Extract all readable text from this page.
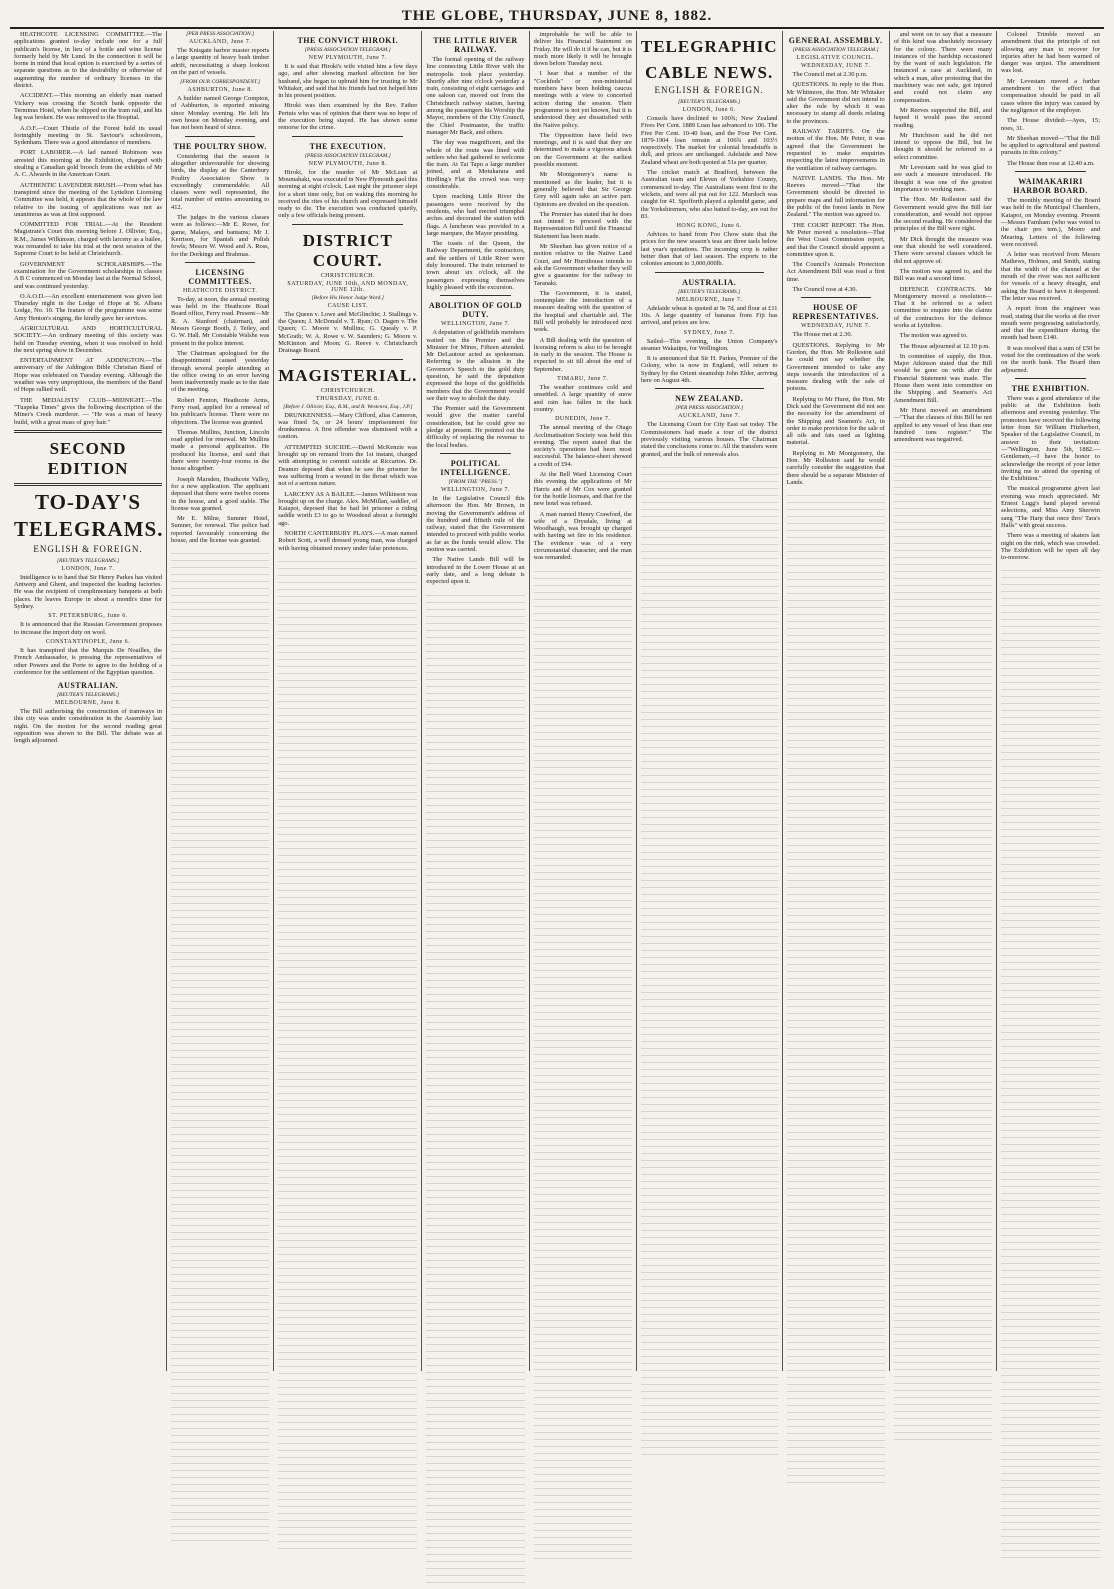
THE GLOBE, THURSDAY, JUNE 8, 1882.

HEATHCOTE LICENSING COMMITTEE.—The applications granted to-day include one for a full publican's license, in lieu of a bottle and wine license formerly held by Mr Lund. In the connection it will be borne in mind that local option is exercised by a series of separate questions as to the desirability or otherwise of augmenting the number of ordinary licenses in the district.

ACCIDENT.—This morning an elderly man named Vickery was crossing the Scotch bank opposite the Terminus Hotel, when he slipped on the tram rail, and his leg was broken. He was removed to the Hospital.

A.O.F.—Court Thistle of the Forest hold its usual fortnightly meeting in St. Saviour's schoolroom, Sydenham. There was a good attendance of members.

PORT LABORER.—A lad named Robinson was arrested this morning at the Exhibition, charged with stealing a Canadian gold brooch from the exhibits of Mr A. C. Alwards in the American Court.

AUTHENTIC LAVENDER BRUSH.—From what has transpired since the meeting of the Lyttelton Licensing Committee was held, it appears that the whole of the law relative to the issuing of applications was not as unanimous as was at first supposed.

COMMITTED FOR TRIAL.—At the Resident Magistrate's Court this morning before J. Ollivier, Esq., R.M., James Wilkinson, charged with larceny as a bailee, was remanded to take his trial at the next session of the Supreme Court to be held at Christchurch.

GOVERNMENT SCHOLARSHIPS.—The examination for the Government scholarships in classes A B C commenced on Monday last at the Normal School, and was continued yesterday.

O.A.O.D.—An excellent entertainment was given last Thursday night in the Lodge of Hope at St. Albans Lodge, No. 10. The feature of the programme was some Amy Henton's singing, the kindly gave her services.

AGRICULTURAL AND HORTICULTURAL SOCIETY.—An ordinary meeting of this society was held on Tuesday evening, when it was resolved to hold the next spring show in December.

ENTERTAINMENT AT ADDINGTON.—The anniversary of the Addington Bible Christian Band of Hope was celebrated on Tuesday evening. Although the weather was very unpropitious, the members of the Band of Hope rallied well.

THE MEDALISTS' CLUB—MIDNIGHT.—The "Tuapeka Times" gives the following description of the Miner's Creek murderer. — "He was a man of heavy build, with a great mass of grey hair."

SECOND EDITION
TO-DAY'S
TELEGRAMS.
ENGLISH & FOREIGN.
[REUTER'S TELEGRAMS.]
LONDON, June 7.

Intelligence is to hand that Sir Henry Parkes has visited Antwerp and Ghent, and inspected the leading factories. He was the recipient of complimentary banquets at both places. He leaves Europe in about a month's time for Sydney.

ST. PETERSBURG, June 6.

It is announced that the Russian Government proposes to increase the import duty on wool.

CONSTANTINOPLE, June 6.

It has transpired that the Marquis De Noailles, the French Ambassador, is pressing the representatives of other Powers and the Porte to agree to the holding of a conference for the settlement of the Egyptian question.

AUSTRALIAN.
[REUTER'S TELEGRAMS.]
MELBOURNE, June 8.

The Bill authorising the construction of tramways in this city was under consideration in the Assembly last night. On the motion for the second reading great opposition was shown to the Bill. The debate was at length adjourned.

[PER PRESS ASSOCIATION.]
AUCKLAND, June 7.

The Knisgate harbor master reports a large quantity of heavy bush timber adrift, necessitating a sharp lookout on the part of vessels.

[FROM OUR CORRESPONDENT.]
ASHBURTON, June 8.

A builder named George Compton, of Ashburton, is reported missing since Monday evening. He left his own house on Monday evening, and has not been heard of since.

THE POULTRY SHOW.

Considering that the season is altogether unfavourable for showing birds, the display at the Canterbury Poultry Association Show is exceedingly commendable. All classes were well represented, the total number of entries amounting to 412.

The judges in the various classes were as follows:—Mr E. Rowe, for game, Malays, and bantams; Mr J. Kerrison, for Spanish and Polish fowls; Messrs W. Wood and A. Ross, for the Dorkings and Brahmas.

LICENSING COMMITTEES.
HEATHCOTE DISTRICT.

To-day, at noon, the annual meeting was held in the Heathcote Road Board office, Ferry road. Present—Mr R. A. Stanford (chairman), and Messrs George Booth, J. Tetley, and G. W. Hall. Mr Constable Walshe was present in the police interest.

The Chairman apologised for the disappointment caused yesterday through several people attending at the office owing to an error having been inadvertently made as to the date of the meeting.

Robert Fenton, Heathcote Arms, Ferry road, applied for a renewal of his publican's license. There were no objections. The license was granted.

Thomas Mullins, Junction, Lincoln road applied for renewal. Mr Mullins made a personal application. He produced his license, and said that there were twenty-four rooms in the house altogether.

Joseph Marsden, Heathcote Valley, for a new application. The applicant deposed that there were twelve rooms in the house, and a good stable. The license was granted.

Mr E. Milne, Sumner Hotel, Sumner, for renewal. The police had reported favourably concerning the house, and the license was granted.

THE CONVICT HIROKI.
[PRESS ASSOCIATION TELEGRAM.]
NEW PLYMOUTH, June 7.

It is said that Hiroki's wife visited him a few days ago, and after showing marked affection for her husband, she began to upbraid him for trusting to Mr Whitaker, and said that his friends had not helped him in his present position.

Hiroki was then examined by the Rev. Father Pertuis who was of opinion that there was no hope of the execution being stayed. He has shown some remorse for the crime.

THE EXECUTION.
[PRESS ASSOCIATION TELEGRAM.]
NEW PLYMOUTH, June 8.

Hiroki, for the murder of Mr McLean at Moumahaki, was executed in New Plymouth gaol this morning at eight o'clock. Last night the prisoner slept for a short time only, but on waking this morning he received the rites of his church and expressed himself ready to die. The execution was conducted quietly, only a few officials being present.

DISTRICT COURT.
CHRISTCHURCH.
SATURDAY, JUNE 10th, AND MONDAY, JUNE 12th.
[Before His Honor Judge Ward.]
CAUSE LIST.

The Queen v. Lowe and McGlinchie; J. Stallings v. the Queen; J. McDonald v. T. Ryan; O. Dagen v. The Queen; C. Moore v. Mullins; G. Quealy v. P. McGrath; W. A. Rowe v. W. Saunders; G. Moore v. McKinnon and Moon; G. Reeve v. Christchurch Drainage Board.

MAGISTERIAL.
CHRISTCHURCH.
THURSDAY, JUNE 8.
[Before J. Ollivier, Esq., R.M., and R. Westenra, Esq., J.P.]

DRUNKENNESS.—Mary Clifford, alias Cameron, was fined 5s, or 24 hours' imprisonment for drunkenness. A first offender was dismissed with a caution.

ATTEMPTED SUICIDE.—David McKenzie was brought up on remand from the 1st instant, charged with attempting to commit suicide at Riccarton. Dr. Deamer deposed that when he saw the prisoner he was suffering from a wound in the throat which was not of a serious nature.

LARCENY AS A BAILEE.—James Wilkinson was brought up on the charge. Alex. McMillan, saddler, of Kaiapoi, deposed that he had let prisoner a riding saddle worth £3 to go to Woodend about a fortnight ago.

NORTH CANTERBURY PLAYS.—A man named Robert Scott, a well dressed young man, was charged with having obtained money under false pretences.

THE LITTLE RIVER RAILWAY.

The formal opening of the railway line connecting Little River with the metropolis took place yesterday. Shortly after nine o'clock yesterday a train, consisting of eight carriages and one saloon car, moved out from the Christchurch railway station, having among the passengers his Worship the Mayor, members of the City Council, the Chief Postmaster, the traffic manager Mr Back, and others.

The day was magnificent, and the whole of the route was lined with settlers who had gathered to welcome the train. At Tai Tapu a large number joined, and at Motukarara and Birdling's Flat the crowd was very considerable.

Upon reaching Little River the passengers were received by the residents, who had erected triumphal arches and decorated the station with flags. A luncheon was provided in a large marquee, the Mayor presiding.

The toasts of the Queen, the Railway Department, the contractors, and the settlers of Little River were duly honoured. The train returned to town about six o'clock, all the passengers expressing themselves highly pleased with the excursion.

ABOLITION OF GOLD DUTY.
WELLINGTON, June 7.

A deputation of goldfields members waited on the Premier and the Minister for Mines, Fifteen attended. Mr DeLautour acted as spokesman. Referring to the allusion in the Governor's Speech to the gold duty question, he said the deputation expressed the hope of the goldfields members that the Government would see their way to abolish the duty.

The Premier said the Government would give the matter careful consideration, but he could give no pledge at present. He pointed out the difficulty of replacing the revenue to the local bodies.

POLITICAL INTELLIGENCE.
[FROM THE "PRESS."]
WELLINGTON, June 7.

In the Legislative Council this afternoon the Hon. Mr Brown, in moving the Government's address of the hundred and fiftieth mile of the railway, stated that the Government intended to proceed with public works as far as the funds would allow. The motion was carried.

The Native Lands Bill will be introduced in the Lower House at an early date, and a long debate is expected upon it.

improbable he will be able to deliver his Financial Statement on Friday. He will do it if he can, but it is much more likely it will be brought down before Tuesday next.

I hear that a number of the "Cockfeds" or non-ministerial members have been holding caucus meetings with a view to concerted action during the session. Their programme is not yet known, but it is understood they are dissatisfied with the Native policy.

The Opposition have held two meetings, and it is said that they are determined to make a vigorous attack on the Government at the earliest possible moment.

Mr Montgomery's name is mentioned as the leader, but it is generally believed that Sir George Grey will again take an active part. Opinions are divided on the question.

The Premier has stated that he does not intend to proceed with the Representation Bill until the Financial Statement has been made.

Mr Sheehan has given notice of a motion relative to the Native Land Court, and Mr Hursthouse intends to ask the Government whether they will give a guarantee for the railway to Taranaki.

The Government, it is stated, contemplate the introduction of a measure dealing with the question of the hospital and charitable aid. The Bill will probably be introduced next week.

A Bill dealing with the question of licensing reform is also to be brought in early in the session. The House is expected to sit till about the end of September.

TIMARU, June 7.

The weather continues cold and unsettled. A large quantity of snow and rain has fallen in the back country.

DUNEDIN, June 7.

The annual meeting of the Otago Acclimatisation Society was held this evening. The report stated that the society's operations had been most successful. The balance-sheet showed a credit of £94.

At the Bell Ward Licensing Court this evening the applications of Mr Harris and of Mr Cox were granted for the bottle licenses, and that for the new hotel was refused.

A man named Henry Crawford, the wife of a Drysdale, living at Woodhaugh, was brought up charged with having set fire to his residence. The evidence was of a very circumstantial character, and the man was remanded.

TELEGRAPHIC
CABLE NEWS.
ENGLISH & FOREIGN.
[REUTER'S TELEGRAMS.]
LONDON, June 6.

Consols have declined to 100¾; New Zealand Fives Per Cent. 1889 Loan has advanced to 106. The Five Per Cent. 10-40 loan, and the Four Per Cent. 1879-1904 loan remain at 106¾ and 103½ respectively. The market for colonial breadstuffs is dull, and prices are unchanged. Adelaide and New Zealand wheat are both quoted at 51s per quarter.

The cricket match at Bradford, between the Australian team and Eleven of Yorkshire County, commenced to-day. The Australians went first to the wickets, and were all put out for 122. Murdoch was caught for 41. Spofforth played a splendid game, and the Yorkshiremen, who also batted to-day, are out for 83.

HONG KONG, June 6.

Advices to hand from Foo Chow state that the prices for the new season's teas are three taels below last year's quotations. The incoming crop is rather better than that of last season. The exports to the colonies amount to 3,000,000lb.

AUSTRALIA.
[REUTER'S TELEGRAMS.]
MELBOURNE, June 7.

Adelaide wheat is quoted at 9s 7d, and flour at £11 10s. A large quantity of bananas from Fiji has arrived, and prices are low.

SYDNEY, June 7.

Sailed—This evening, the Union Company's steamer Wakatipu, for Wellington.

It is announced that Sir H. Parkes, Premier of the Colony, who is now in England, will return to Sydney by the Orient steamship John Elder, arriving here on August 4th.

NEW ZEALAND.
[PER PRESS ASSOCIATION.]
AUCKLAND, June 7.

The Licensing Court for City East sat today. The Commissioners had made a tour of the district previously visiting various houses. The Chairman stated the conclusions come to. All the transfers were granted, and the bulk of renewals also.

GENERAL ASSEMBLY.
[PRESS ASSOCIATION TELEGRAM.]
LEGISLATIVE COUNCIL.
WEDNESDAY, JUNE 7.

The Council met at 2.30 p.m.

QUESTIONS. In reply to the Hon. Mr Whitmore, the Hon. Mr Whitaker said the Government did not intend to alter the rule by which it was necessary to stamp all deeds relating to the provinces.

RAILWAY TARIFFS. On the motion of the Hon. Mr Peter, it was agreed that the Government be requested to make enquiries respecting the latest improvements in the ventilation of railway carriages.

NATIVE LANDS. The Hon. Mr Reeves moved—"That the Government should be directed to prepare maps and full information for the public of the forest lands in New Zealand." The motion was agreed to.

THE COURT REPORT. The Hon. Mr Peter moved a resolution—That the West Coast Commission report, and that the Council should appoint a committee upon it.

The Council's Animals Protection Act Amendment Bill was read a first time.

The Council rose at 4.30.

HOUSE OF REPRESENTATIVES.
WEDNESDAY, JUNE 7.

The House met at 2.30.

QUESTIONS. Replying to Mr Gordon, the Hon. Mr Rolleston said he could not say whether the Government intended to take any steps towards the introduction of a measure dealing with the sale of poisons.

Replying to Mr Hurst, the Hon. Mr Dick said the Government did not see the necessity for the amendment of the Shipping and Seamen's Act, in order to make provision for the sale of all oils and fats used as lighting material.

Replying to Mr Montgomery, the Hon. Mr Rolleston said he would carefully consider the suggestion that there should be a separate Minister of Lands.

and went on to say that a measure of this kind was absolutely necessary for the colony. There were many instances of the hardship occasioned by the want of such legislation. He instanced a case at Auckland, in which a man, after protesting that the machinery was not safe, got injured and could not claim any compensation.

Mr Reeves supported the Bill, and hoped it would pass the second reading.

Mr Hutchison said he did not intend to oppose the Bill, but he thought it should be referred to a select committee.

Mr Levestam said he was glad to see such a measure introduced. He thought it was one of the greatest importance to working men.

The Hon. Mr Rolleston said the Government would give the Bill fair consideration, and would not oppose the second reading. He considered the principles of the Bill were right.

Mr Dick thought the measure was one that should be well considered. There were several clauses which he did not approve of.

The motion was agreed to, and the Bill was read a second time.

DEFENCE CONTRACTS. Mr Montgomery moved a resolution—That it be referred to a select committee to enquire into the claims of the contractors for the defence works at Lyttelton.

The motion was agreed to.

The House adjourned at 12.10 p.m.

In committee of supply, the Hon. Major Atkinson stated that the Bill would be gone on with after the Financial Statement was made. The House then went into committee on the Shipping and Seamen's Act Amendment Bill.

Mr Hurst moved an amendment—"That the clauses of this Bill be not applied to any vessel of less than one hundred tons register." The amendment was negatived.

Colonel Trimble moved an amendment that the principle of not allowing any man to recover for injuries after he had been warned of danger was unjust. The amendment was lost.

Mr Levestam moved a further amendment to the effect that compensation should be paid in all cases where the injury was caused by the negligence of the employer.

The House divided:—Ayes, 15; noes, 31.

Mr Sheehan moved—"That the Bill be applied to agricultural and pastoral pursuits in this colony."

The House then rose at 12.40 a.m.

WAIMAKARIRI HARBOR BOARD.

The monthly meeting of the Board was held in the Municipal Chambers, Kaiapoi, on Monday evening. Present—Messrs Farnham (who was voted to the chair pro tem.), Moore and Mearing. Letters of the following were received.

A letter was received from Messrs Mathews, Holmes, and Smith, stating that the width of the channel at the mouth of the river was not sufficient for vessels of a heavy draught, and asking the Board to have it deepened. The letter was received.

A report from the engineer was read, stating that the works at the river mouth were progressing satisfactorily, and that the expenditure during the month had been £140.

It was resolved that a sum of £50 be voted for the continuation of the work on the north bank. The Board then adjourned.

THE EXHIBITION.

There was a good attendance of the public at the Exhibition both afternoon and evening yesterday. The promoters have received the following letter from Sir William Fitzherbert, Speaker of the Legislative Council, in answer to their invitation:—"Wellington, June 5th, 1882.—Gentlemen,—I have the honor to acknowledge the receipt of your letter inviting me to attend the opening of the Exhibition."

The musical programme given last evening was much appreciated. Mr Ernest Lugg's band played several selections, and Miss Amy Sherwin sang "The Harp that once thro' Tara's Halls" with great success.

There was a meeting of skaters last night on the rink, which was crowded. The Exhibition will be open all day to-morrow.
